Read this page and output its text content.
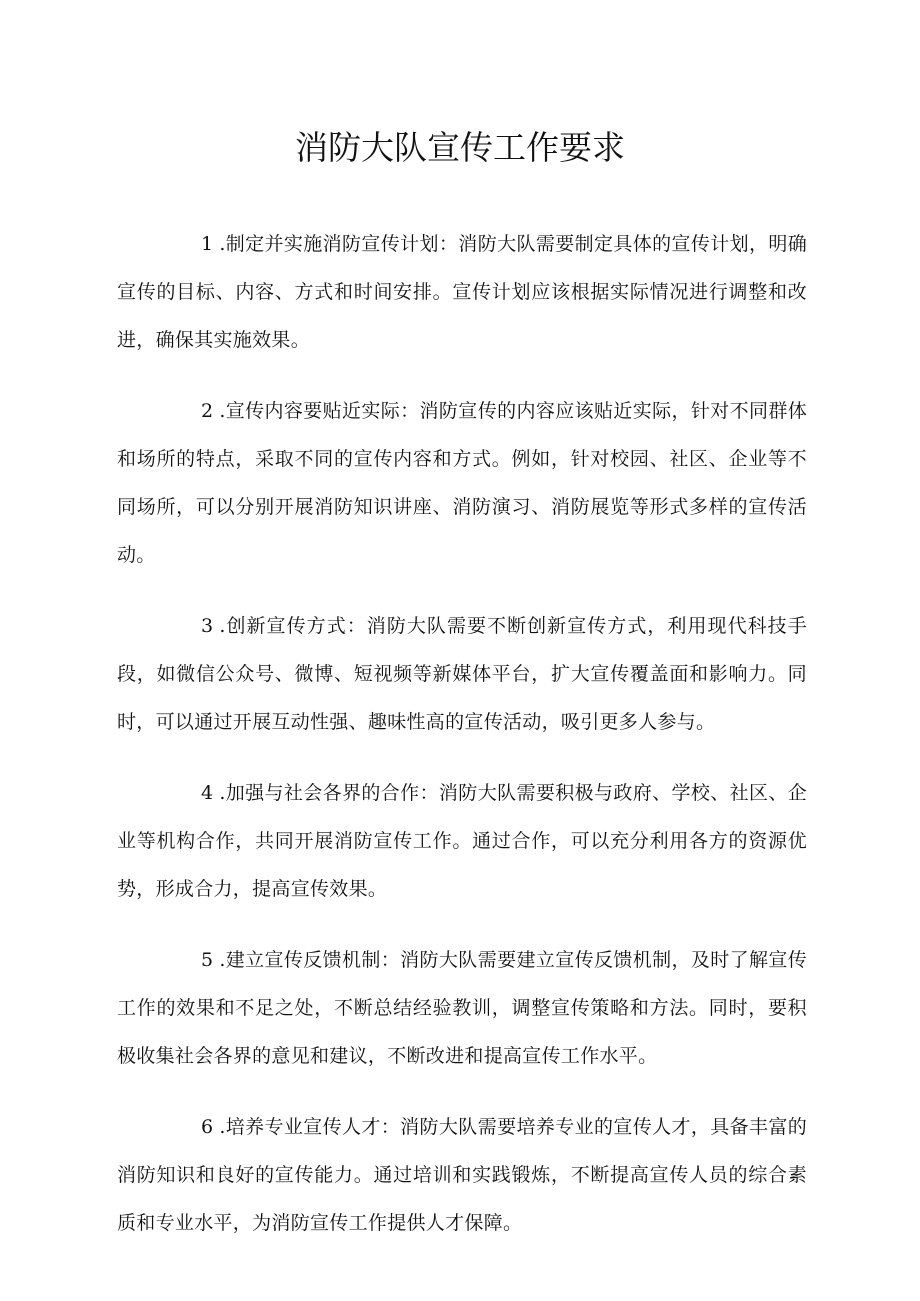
消防大队宣传工作要求

1 .制定并实施消防宣传计划：消防大队需要制定具体的宣传计划，明确宣传的目标、内容、方式和时间安排。宣传计划应该根据实际情况进行调整和改进，确保其实施效果。

2 .宣传内容要贴近实际：消防宣传的内容应该贴近实际，针对不同群体和场所的特点，采取不同的宣传内容和方式。例如，针对校园、社区、企业等不同场所，可以分别开展消防知识讲座、消防演习、消防展览等形式多样的宣传活动。

3 .创新宣传方式：消防大队需要不断创新宣传方式，利用现代科技手段，如微信公众号、微博、短视频等新媒体平台，扩大宣传覆盖面和影响力。同时，可以通过开展互动性强、趣味性高的宣传活动，吸引更多人参与。

4 .加强与社会各界的合作：消防大队需要积极与政府、学校、社区、企业等机构合作，共同开展消防宣传工作。通过合作，可以充分利用各方的资源优势，形成合力，提高宣传效果。

5 .建立宣传反馈机制：消防大队需要建立宣传反馈机制，及时了解宣传工作的效果和不足之处，不断总结经验教训，调整宣传策略和方法。同时，要积极收集社会各界的意见和建议，不断改进和提高宣传工作水平。

6 .培养专业宣传人才：消防大队需要培养专业的宣传人才，具备丰富的消防知识和良好的宣传能力。通过培训和实践锻炼，不断提高宣传人员的综合素质和专业水平，为消防宣传工作提供人才保障。
